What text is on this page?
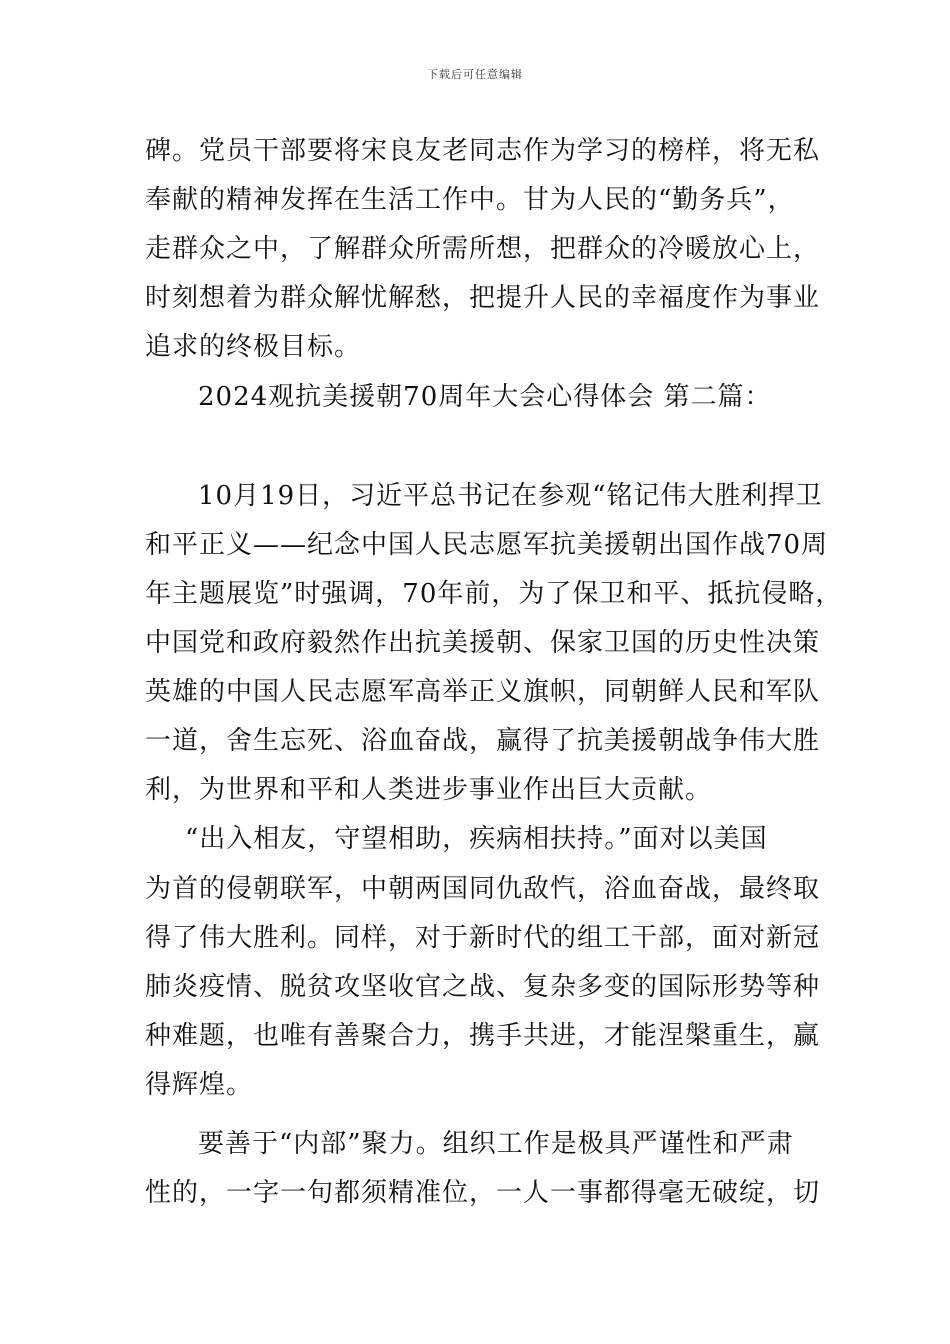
下载后可任意编辑
碑。党员干部要将宋良友老同志作为学习的榜样，将无私
奉献的精神发挥在生活工作中。甘为人民的“勤务兵”，
走群众之中，了解群众所需所想，把群众的冷暖放心上，
时刻想着为群众解忧解愁，把提升人民的幸福度作为事业
追求的终极目标。
2024观抗美援朝70周年大会心得体会 第二篇：
10月19日，习近平总书记在参观“铭记伟大胜利捍卫
和平正义——纪念中国人民志愿军抗美援朝出国作战70周
年主题展览”时强调，70年前，为了保卫和平、抵抗侵略，
中国党和政府毅然作出抗美援朝、保家卫国的历史性决策
英雄的中国人民志愿军高举正义旗帜，同朝鲜人民和军队
一道，舍生忘死、浴血奋战，赢得了抗美援朝战争伟大胜
利，为世界和平和人类进步事业作出巨大贡献。
“出入相友，守望相助，疾病相扶持。”面对以美国
为首的侵朝联军，中朝两国同仇敌忾，浴血奋战，最终取
得了伟大胜利。同样，对于新时代的组工干部，面对新冠
肺炎疫情、脱贫攻坚收官之战、复杂多变的国际形势等种
种难题，也唯有善聚合力，携手共进，才能涅槃重生，赢
得辉煌。
要善于“内部”聚力。组织工作是极具严谨性和严肃
性的，一字一句都须精准位，一人一事都得毫无破绽，切
